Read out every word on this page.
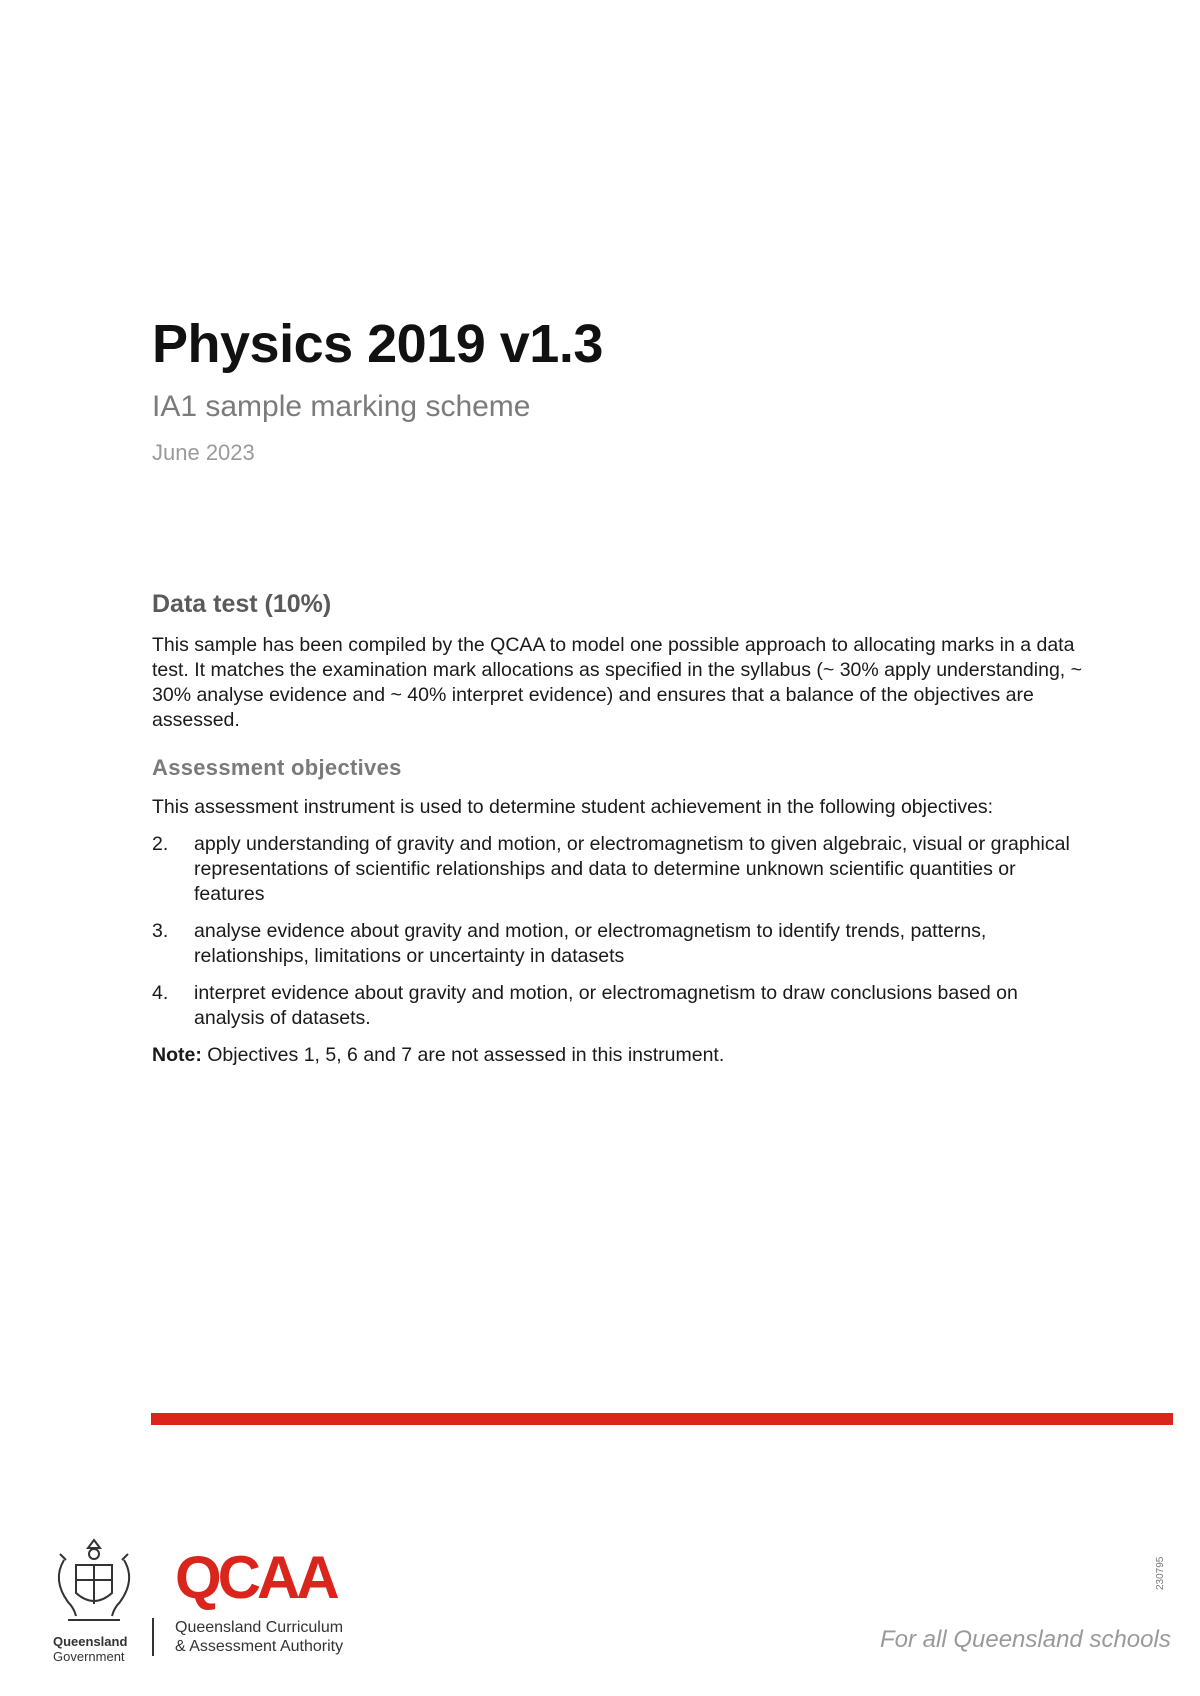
Physics 2019 v1.3

IA1 sample marking scheme

June 2023

Data test (10%)

This sample has been compiled by the QCAA to model one possible approach to allocating marks in a data test. It matches the examination mark allocations as specified in the syllabus (~ 30% apply understanding, ~ 30% analyse evidence and ~ 40% interpret evidence) and ensures that a balance of the objectives are assessed.

Assessment objectives

This assessment instrument is used to determine student achievement in the following objectives:

2.	apply understanding of gravity and motion, or electromagnetism to given algebraic, visual or graphical representations of scientific relationships and data to determine unknown scientific quantities or features
3.	analyse evidence about gravity and motion, or electromagnetism to identify trends, patterns, relationships, limitations or uncertainty in datasets
4.	interpret evidence about gravity and motion, or electromagnetism to draw conclusions based on analysis of datasets.

Note: Objectives 1, 5, 6 and 7 are not assessed in this instrument.

Queensland
Government
QCAA
Queensland Curriculum
& Assessment Authority	For all Queensland schools
230795
